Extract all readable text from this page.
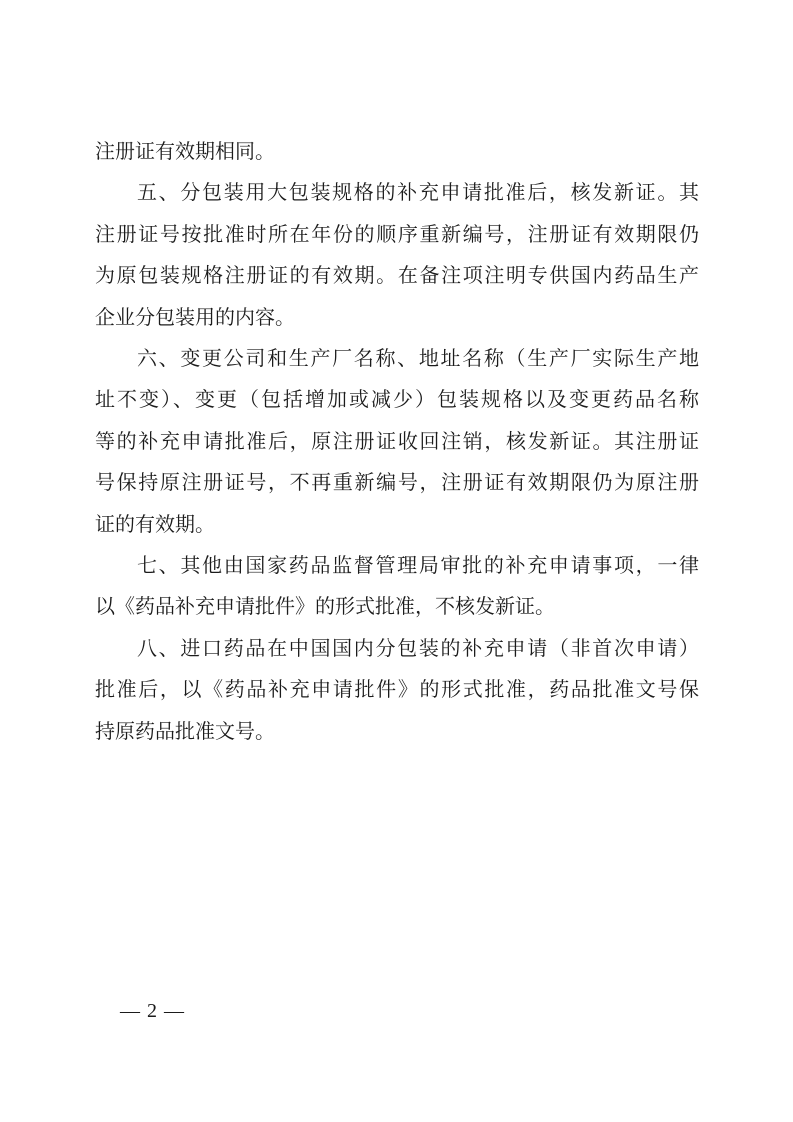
注册证有效期相同。
五、分包装用大包装规格的补充申请批准后，核发新证。其
注册证号按批准时所在年份的顺序重新编号，注册证有效期限仍
为原包装规格注册证的有效期。在备注项注明专供国内药品生产
企业分包装用的内容。
六、变更公司和生产厂名称、地址名称（生产厂实际生产地
址不变）、变更（包括增加或减少）包装规格以及变更药品名称
等的补充申请批准后，原注册证收回注销，核发新证。其注册证
号保持原注册证号，不再重新编号，注册证有效期限仍为原注册
证的有效期。
七、其他由国家药品监督管理局审批的补充申请事项，一律
以《药品补充申请批件》的形式批准，不核发新证。
八、进口药品在中国国内分包装的补充申请（非首次申请）
批准后，以《药品补充申请批件》的形式批准，药品批准文号保
持原药品批准文号。
— 2 —
